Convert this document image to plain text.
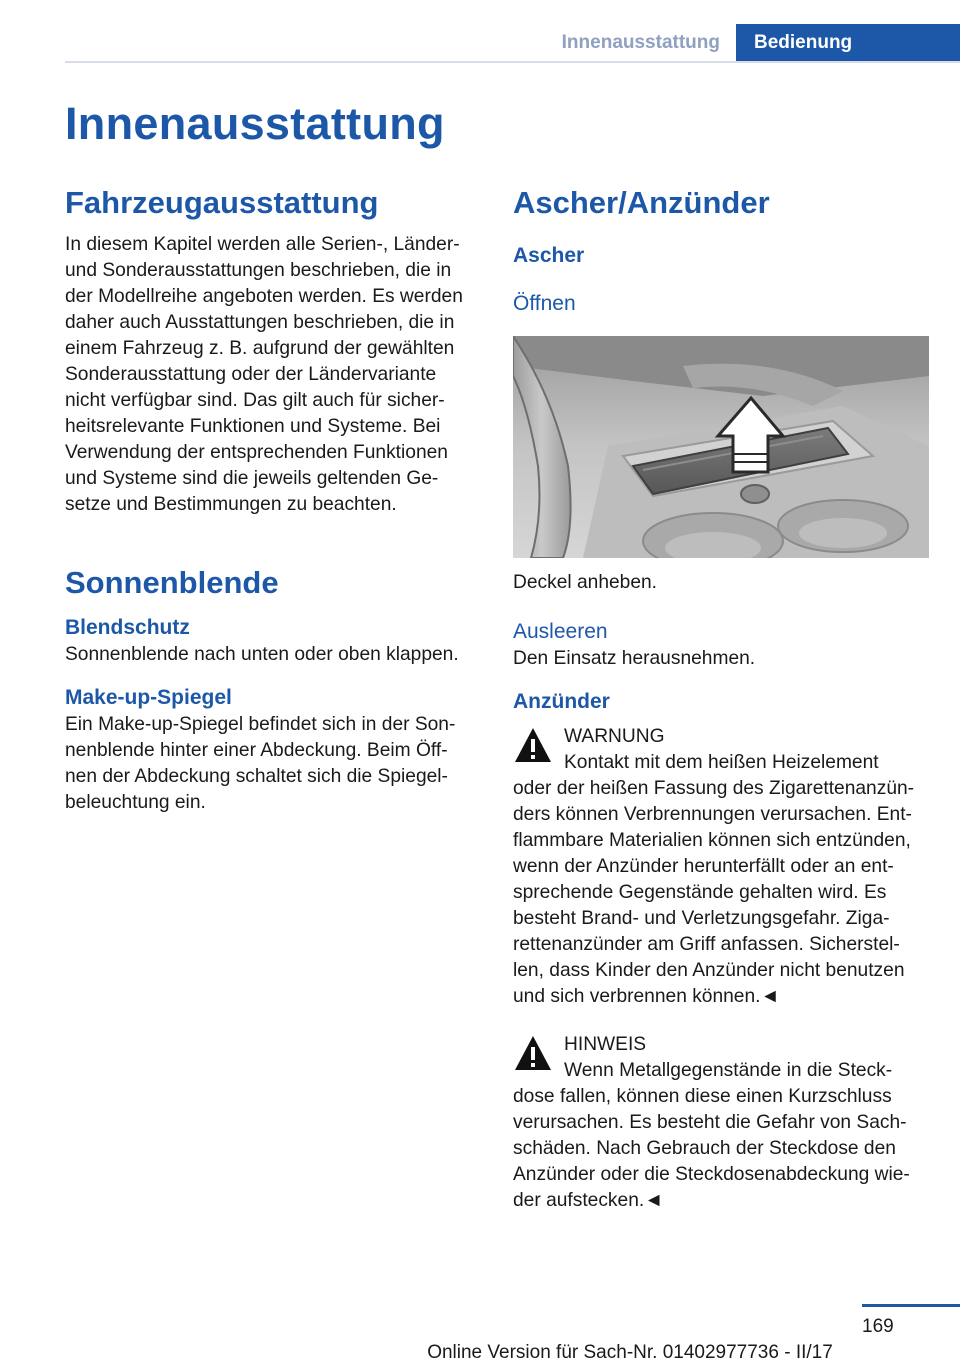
Innenausstattung	Bedienung
Innenausstattung
Fahrzeugausstattung

In diesem Kapitel werden alle Serien-, Länder- und Sonderausstattungen beschrieben, die in der Modellreihe angeboten werden. Es werden daher auch Ausstattungen beschrieben, die in einem Fahrzeug z. B. aufgrund der gewählten Sonderausstattung oder der Ländervariante nicht verfügbar sind. Das gilt auch für sicher- heitsrelevante Funktionen und Systeme. Bei Verwendung der entsprechenden Funktionen und Systeme sind die jeweils geltenden Ge- setze und Bestimmungen zu beachten.

Sonnenblende
Blendschutz

Sonnenblende nach unten oder oben klappen.

Make-up-Spiegel

Ein Make-up-Spiegel befindet sich in der Son- nenblende hinter einer Abdeckung. Beim Öff- nen der Abdeckung schaltet sich die Spiegel- beleuchtung ein.

Ascher/Anzünder
Ascher
Öffnen

Deckel anheben.

Ausleeren

Den Einsatz herausnehmen.

Anzünder

WARNUNG

Kontakt mit dem heißen Heizelement

oder der heißen Fassung des Zigarettenanzün- ders können Verbrennungen verursachen. Ent- flammbare Materialien können sich entzünden, wenn der Anzünder herunterfällt oder an ent- sprechende Gegenstände gehalten wird. Es besteht Brand- und Verletzungsgefahr. Ziga- rettenanzünder am Griff anfassen. Sicherstel- len, dass Kinder den Anzünder nicht benutzen und sich verbrennen können.◄

HINWEIS

Wenn Metallgegenstände in die Steck-

dose fallen, können diese einen Kurzschluss verursachen. Es besteht die Gefahr von Sach- schäden. Nach Gebrauch der Steckdose den Anzünder oder die Steckdosenabdeckung wie- der aufstecken.◄

169
Online Version für Sach-Nr. 01402977736 - II/17
